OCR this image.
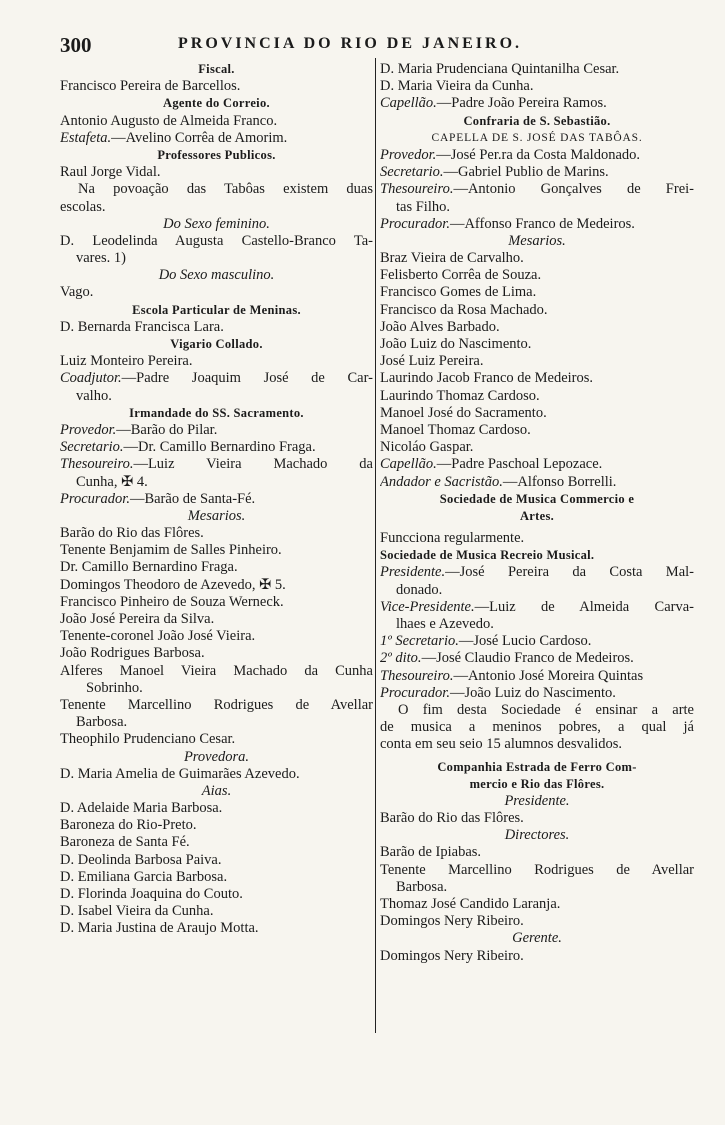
300	PROVINCIA DO RIO DE JANEIRO.
Fiscal.
Francisco Pereira de Barcellos.
Agente do Correio.
Antonio Augusto de Almeida Franco.
Estafeta.—Avelino Corrêa de Amorim.
Professores Publicos.
Raul Jorge Vidal.
Na povoação das Tabôas existem duas
escolas.
Do Sexo feminino.
D. Leodelinda Augusta Castello-Branco Ta-
vares. 1)
Do Sexo masculino.
Vago.
Escola Particular de Meninas.
D. Bernarda Francisca Lara.
Vigario Collado.
Luiz Monteiro Pereira.
Coadjutor.—Padre Joaquim José de Car-
valho.
Irmandade do SS. Sacramento.
Provedor.—Barão do Pilar.
Secretario.—Dr. Camillo Bernardino Fraga.
Thesoureiro.—Luiz Vieira Machado da
Cunha, ✠ 4.
Procurador.—Barão de Santa-Fé.
Mesarios.
Barão do Rio das Flôres.
Tenente Benjamim de Salles Pinheiro.
Dr. Camillo Bernardino Fraga.
Domingos Theodoro de Azevedo, ✠ 5.
Francisco Pinheiro de Souza Werneck.
João José Pereira da Silva.
Tenente-coronel João José Vieira.
João Rodrigues Barbosa.
Alferes Manoel Vieira Machado da Cunha
Sobrinho.
Tenente Marcellino Rodrigues de Avellar
Barbosa.
Theophilo Prudenciano Cesar.
Provedora.
D. Maria Amelia de Guimarães Azevedo.
Aias.
D. Adelaide Maria Barbosa.
Baroneza do Rio-Preto.
Baroneza de Santa Fé.
D. Deolinda Barbosa Paiva.
D. Emiliana Garcia Barbosa.
D. Florinda Joaquina do Couto.
D. Isabel Vieira da Cunha.
D. Maria Justina de Araujo Motta.
D. Maria Prudenciana Quintanilha Cesar.
D. Maria Vieira da Cunha.
Capellão.—Padre João Pereira Ramos.
Confraria de S. Sebastião.
CAPELLA DE S. JOSÉ DAS TABÔAS.
Provedor.—José Per.ra da Costa Maldonado.
Secretario.—Gabriel Publio de Marins.
Thesoureiro.—Antonio Gonçalves de Frei-
tas Filho.
Procurador.—Affonso Franco de Medeiros.
Mesarios.
Braz Vieira de Carvalho.
Felisberto Corrêa de Souza.
Francisco Gomes de Lima.
Francisco da Rosa Machado.
João Alves Barbado.
João Luiz do Nascimento.
José Luiz Pereira.
Laurindo Jacob Franco de Medeiros.
Laurindo Thomaz Cardoso.
Manoel José do Sacramento.
Manoel Thomaz Cardoso.
Nicoláo Gaspar.
Capellão.—Padre Paschoal Lepozace.
Andador e Sacristão.—Alfonso Borrelli.
Sociedade de Musica Commercio e
Artes.
Funcciona regularmente.
Sociedade de Musica Recreio Musical.
Presidente.—José Pereira da Costa Mal-
donado.
Vice-Presidente.—Luiz de Almeida Carva-
lhaes e Azevedo.
1º Secretario.—José Lucio Cardoso.
2º dito.—José Claudio Franco de Medeiros.
Thesoureiro.—Antonio José Moreira Quintas
Procurador.—João Luiz do Nascimento.
O fim desta Sociedade é ensinar a arte
de musica a meninos pobres, a qual já
conta em seu seio 15 alumnos desvalidos.
Companhia Estrada de Ferro Com-
mercio e Rio das Flôres.
Presidente.
Barão do Rio das Flôres.
Directores.
Barão de Ipiabas.
Tenente Marcellino Rodrigues de Avellar
Barbosa.
Thomaz José Candido Laranja.
Domingos Nery Ribeiro.
Gerente.
Domingos Nery Ribeiro.
